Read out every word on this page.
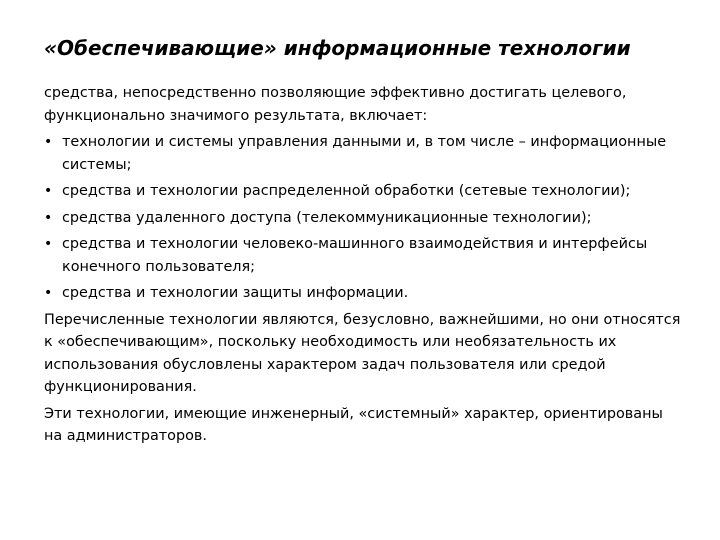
«Обеспечивающие» информационные технологии

средства, непосредственно позволяющие эффективно достигать целевого, функционально значимого результата, включает:

• технологии и системы управления данными и, в том числе – информационные системы;
• средства и технологии распределенной обработки (сетевые технологии);
• средства удаленного доступа (телекоммуникационные технологии);
• средства и технологии человеко-машинного взаимодействия и интерфейсы конечного пользователя;
• средства и технологии защиты информации.

Перечисленные технологии являются, безусловно, важнейшими, но они относятся к «обеспечивающим», поскольку необходимость или необязательность их использования обусловлены характером задач пользователя или средой функционирования.

Эти технологии, имеющие инженерный, «системный» характер, ориентированы на администраторов.
